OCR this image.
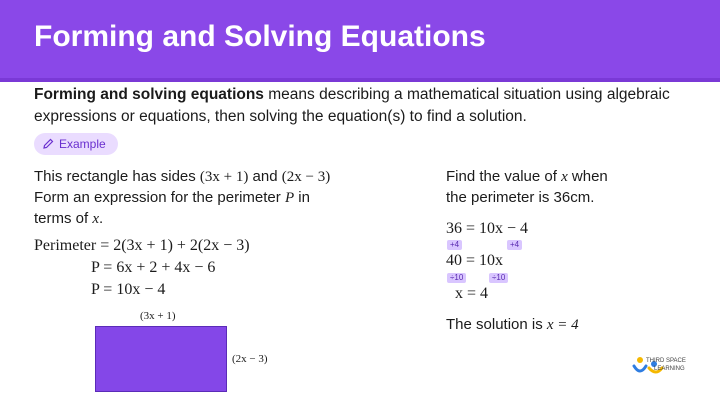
Forming and Solving Equations
Forming and solving equations means describing a mathematical situation using algebraic expressions or equations, then solving the equation(s) to find a solution.
Example
This rectangle has sides (3x + 1) and (2x − 3)
Form an expression for the perimeter P in
terms of x.
Perimeter = 2(3x + 1) + 2(2x − 3)
P = 6x + 2 + 4x − 6
P = 10x − 4
(3x + 1)
(2x − 3)
Find the value of x when
the perimeter is 36cm.
36 = 10x − 4
+4	+4
40 = 10x
÷10	÷10
x = 4
The solution is x = 4
THIRD SPACE
LEARNING
